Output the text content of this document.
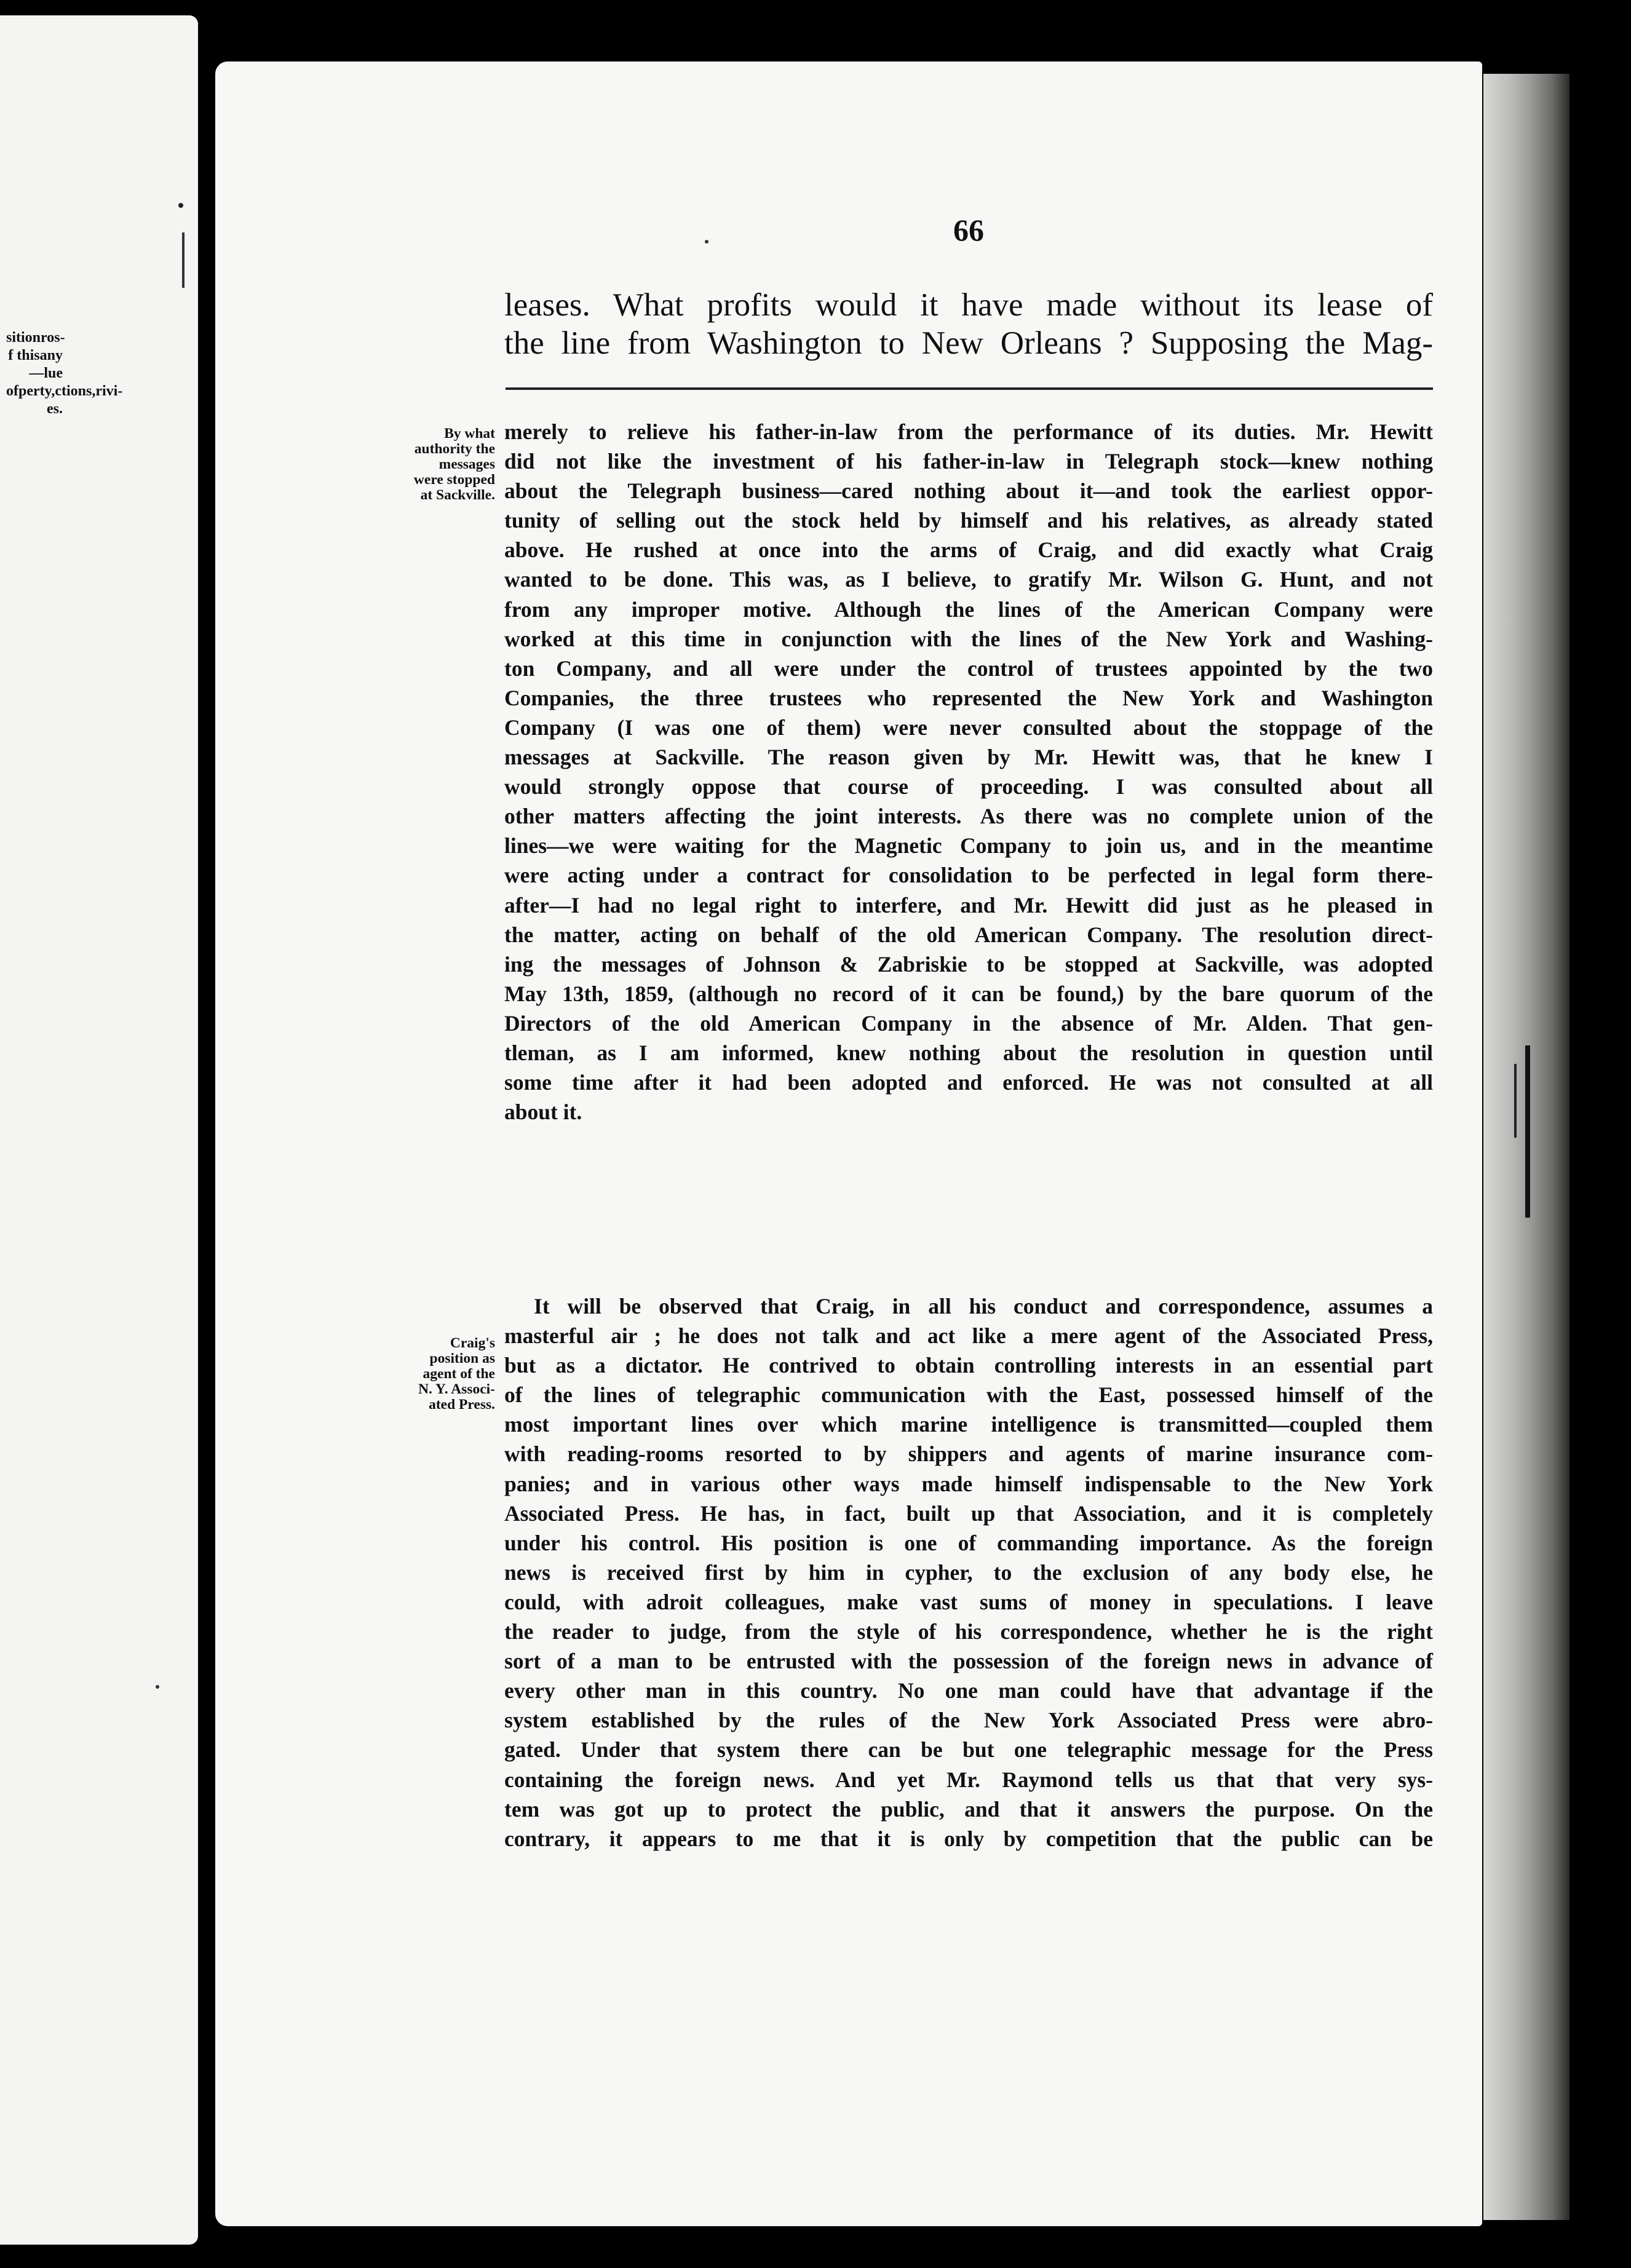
sitionros-f thisany—lue ofperty,ctions,rivi-es.
66
leases. What profits would it have made without its lease of
the line from Washington to New Orleans ? Supposing the Mag-
By what
authority the
messages
were stopped
at Sackville.
merely to relieve his father-in-law from the performance of its duties. Mr. Hewitt
did not like the investment of his father-in-law in Telegraph stock—knew nothing
about the Telegraph business—cared nothing about it—and took the earliest oppor-
tunity of selling out the stock held by himself and his relatives, as already stated
above. He rushed at once into the arms of Craig, and did exactly what Craig
wanted to be done. This was, as I believe, to gratify Mr. Wilson G. Hunt, and not
from any improper motive. Although the lines of the American Company were
worked at this time in conjunction with the lines of the New York and Washing-
ton Company, and all were under the control of trustees appointed by the two
Companies, the three trustees who represented the New York and Washington
Company (I was one of them) were never consulted about the stoppage of the
messages at Sackville. The reason given by Mr. Hewitt was, that he knew I
would strongly oppose that course of proceeding. I was consulted about all
other matters affecting the joint interests. As there was no complete union of the
lines—we were waiting for the Magnetic Company to join us, and in the meantime
were acting under a contract for consolidation to be perfected in legal form there-
after—I had no legal right to interfere, and Mr. Hewitt did just as he pleased in
the matter, acting on behalf of the old American Company. The resolution direct-
ing the messages of Johnson & Zabriskie to be stopped at Sackville, was adopted
May 13th, 1859, (although no record of it can be found,) by the bare quorum of the
Directors of the old American Company in the absence of Mr. Alden. That gen-
tleman, as I am informed, knew nothing about the resolution in question until
some time after it had been adopted and enforced. He was not consulted at all
about it.
Craig's
position as
agent of the
N. Y. Associ-
ated Press.
It will be observed that Craig, in all his conduct and correspondence, assumes a
masterful air ; he does not talk and act like a mere agent of the Associated Press,
but as a dictator. He contrived to obtain controlling interests in an essential part
of the lines of telegraphic communication with the East, possessed himself of the
most important lines over which marine intelligence is transmitted—coupled them
with reading-rooms resorted to by shippers and agents of marine insurance com-
panies; and in various other ways made himself indispensable to the New York
Associated Press. He has, in fact, built up that Association, and it is completely
under his control. His position is one of commanding importance. As the foreign
news is received first by him in cypher, to the exclusion of any body else, he
could, with adroit colleagues, make vast sums of money in speculations. I leave
the reader to judge, from the style of his correspondence, whether he is the right
sort of a man to be entrusted with the possession of the foreign news in advance of
every other man in this country. No one man could have that advantage if the
system established by the rules of the New York Associated Press were abro-
gated. Under that system there can be but one telegraphic message for the Press
containing the foreign news. And yet Mr. Raymond tells us that that very sys-
tem was got up to protect the public, and that it answers the purpose. On the
contrary, it appears to me that it is only by competition that the public can be
